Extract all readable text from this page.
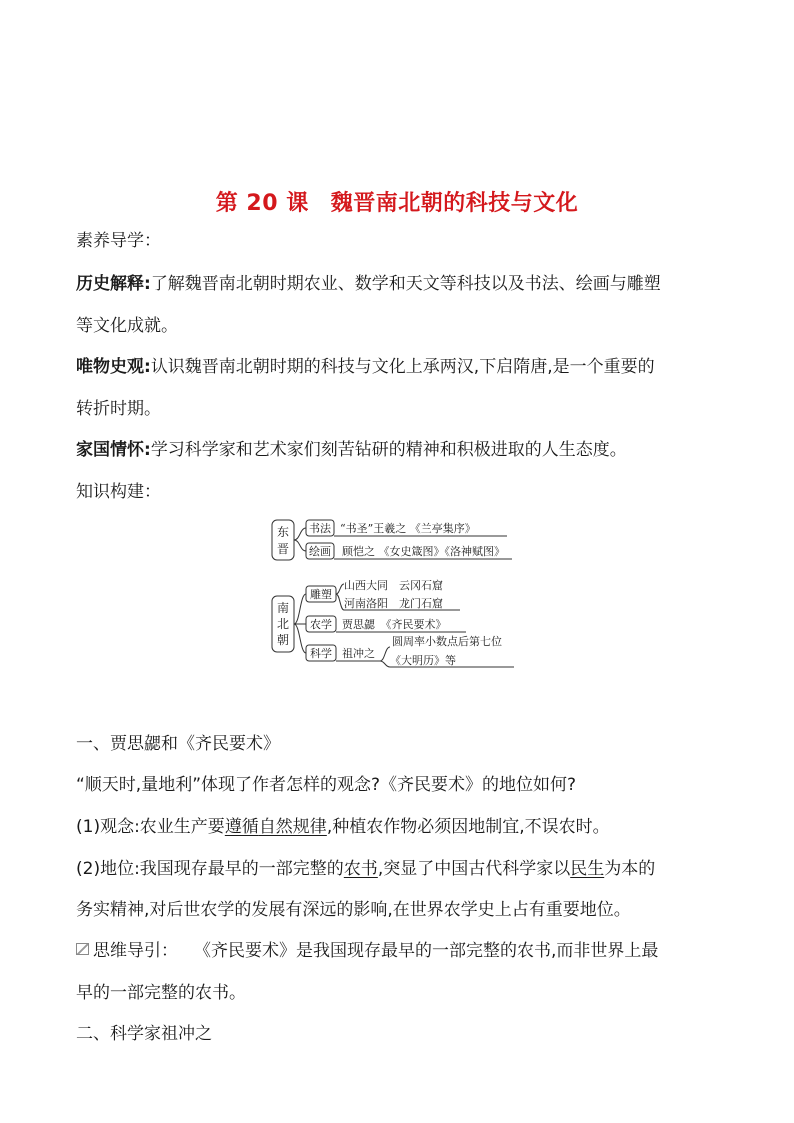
第 20 课 魏晋南北朝的科技与文化
素养导学：
历史解释:了解魏晋南北朝时期农业、数学和天文等科技以及书法、绘画与雕塑
等文化成就。
唯物史观:认识魏晋南北朝时期的科技与文化上承两汉,下启隋唐,是一个重要的
转折时期。
家国情怀:学习科学家和艺术家们刻苦钻研的精神和积极进取的人生态度。
知识构建：
东
晋
书法 “书圣”王羲之 《兰亭集序》
绘画 顾恺之 《女史箴图》《洛神赋图》
南
北
朝
雕塑
山西大同　云冈石窟
河南洛阳　龙门石窟
农学 贾思勰　《齐民要术》
科学 祖冲之
圆周率小数点后第七位
《大明历》等
一、贾思勰和《齐民要术》
“顺天时,量地利”体现了作者怎样的观念?《齐民要术》的地位如何?
(1)观念:农业生产要遵循自然规律,种植农作物必须因地制宜,不误农时。
(2)地位:我国现存最早的一部完整的农书,突显了中国古代科学家以民生为本的
务实精神,对后世农学的发展有深远的影响,在世界农学史上占有重要地位。
思维导引： 《齐民要术》是我国现存最早的一部完整的农书,而非世界上最
早的一部完整的农书。
二、科学家祖冲之
